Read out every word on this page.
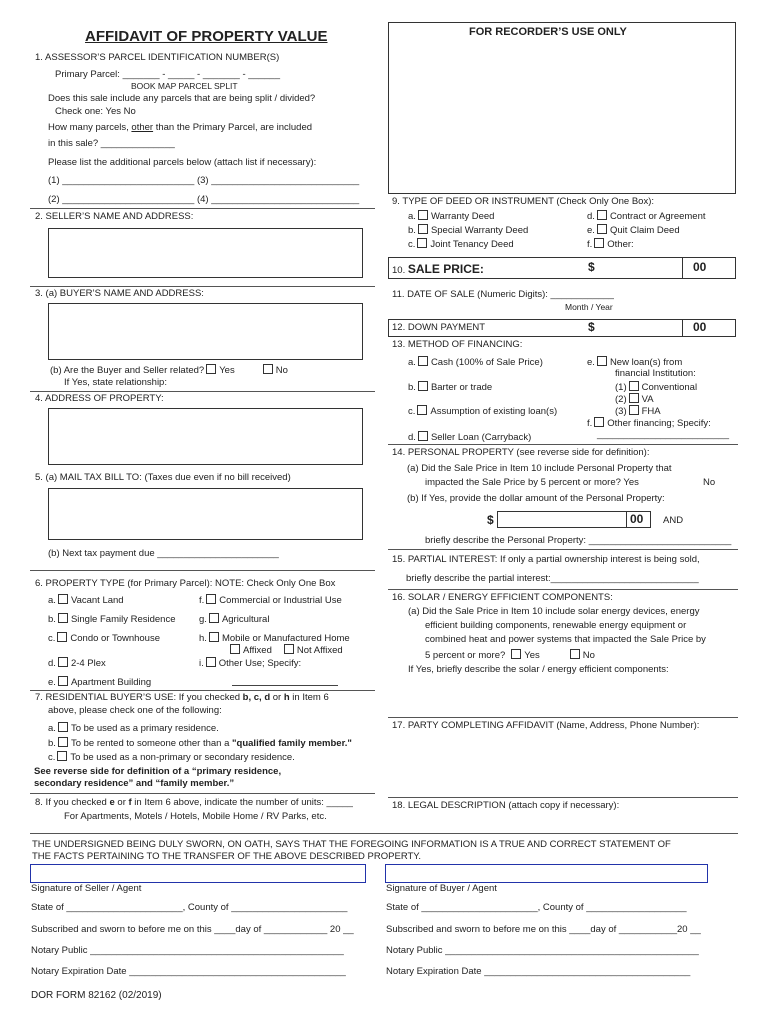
AFFIDAVIT OF PROPERTY VALUE
1. ASSESSOR’S PARCEL IDENTIFICATION NUMBER(S)
Primary Parcel: _______ - _____ - _______ - ______
BOOK MAP PARCEL SPLIT
Does this sale include any parcels that are being split / divided?
Check one: Yes No
How many parcels, other than the Primary Parcel, are included
in this sale? ______________
Please list the additional parcels below (attach list if necessary):
(1) _________________________ (3) ____________________________
(2) _________________________ (4) ____________________________
2. SELLER’S NAME AND ADDRESS:
3. (a) BUYER’S NAME AND ADDRESS:
(b) Are the Buyer and Seller related? Yes	No
If Yes, state relationship:
4. ADDRESS OF PROPERTY:
5. (a) MAIL TAX BILL TO: (Taxes due even if no bill received)
(b) Next tax payment due _______________________
6. PROPERTY TYPE (for Primary Parcel): NOTE: Check Only One Box
a. Vacant Land
b. Single Family Residence
c. Condo or Townhouse
d. 2-4 Plex
e. Apartment Building
f. Commercial or Industrial Use
g. Agricultural
h. Mobile or Manufactured Home
Affixed	Not Affixed
i. Other Use; Specify:
7. RESIDENTIAL BUYER’S USE: If you checked b, c, d or h in Item 6
above, please check one of the following:
a. To be used as a primary residence.
b. To be rented to someone other than a "qualified family member."
c. To be used as a non-primary or secondary residence.
See reverse side for definition of a “primary residence,
secondary residence” and “family member.”
8. If you checked e or f in Item 6 above, indicate the number of units: _____
For Apartments, Motels / Hotels, Mobile Home / RV Parks, etc.
FOR RECORDER’S USE ONLY
9. TYPE OF DEED OR INSTRUMENT (Check Only One Box):
a. Warranty Deed
b. Special Warranty Deed
c. Joint Tenancy Deed
d. Contract or Agreement
e. Quit Claim Deed
f. Other:
10. SALE PRICE:	$	00
11. DATE OF SALE (Numeric Digits): ____________
Month / Year
12. DOWN PAYMENT	$	00
13. METHOD OF FINANCING:
a. Cash (100% of Sale Price)
b. Barter or trade
c. Assumption of existing loan(s)
d. Seller Loan (Carryback)
e. New loan(s) from
financial Institution:
(1) Conventional
(2) VA
(3) FHA
f. Other financing; Specify:
_________________________
14. PERSONAL PROPERTY (see reverse side for definition):
(a) Did the Sale Price in Item 10 include Personal Property that
impacted the Sale Price by 5 percent or more? Yes	No
(b) If Yes, provide the dollar amount of the Personal Property:
$	00 AND
briefly describe the Personal Property: ___________________________
15. PARTIAL INTEREST: If only a partial ownership interest is being sold,
briefly describe the partial interest:____________________________
16. SOLAR / ENERGY EFFICIENT COMPONENTS:
(a) Did the Sale Price in Item 10 include solar energy devices, energy
efficient building components, renewable energy equipment or
combined heat and power systems that impacted the Sale Price by
5 percent or more? Yes	No
If Yes, briefly describe the solar / energy efficient components:
17. PARTY COMPLETING AFFIDAVIT (Name, Address, Phone Number):
18. LEGAL DESCRIPTION (attach copy if necessary):
THE UNDERSIGNED BEING DULY SWORN, ON OATH, SAYS THAT THE FOREGOING INFORMATION IS A TRUE AND CORRECT STATEMENT OF
THE FACTS PERTAINING TO THE TRANSFER OF THE ABOVE DESCRIBED PROPERTY.
Signature of Seller / Agent	Signature of Buyer / Agent
State of ______________________, County of ______________________	State of ______________________, County of ___________________
Subscribed and sworn to before me on this ____day of ____________ 20 __	Subscribed and sworn to before me on this ____day of ___________20 __
Notary Public ________________________________________________	Notary Public ________________________________________________
Notary Expiration Date _________________________________________	Notary Expiration Date _______________________________________
DOR FORM 82162 (02/2019)
